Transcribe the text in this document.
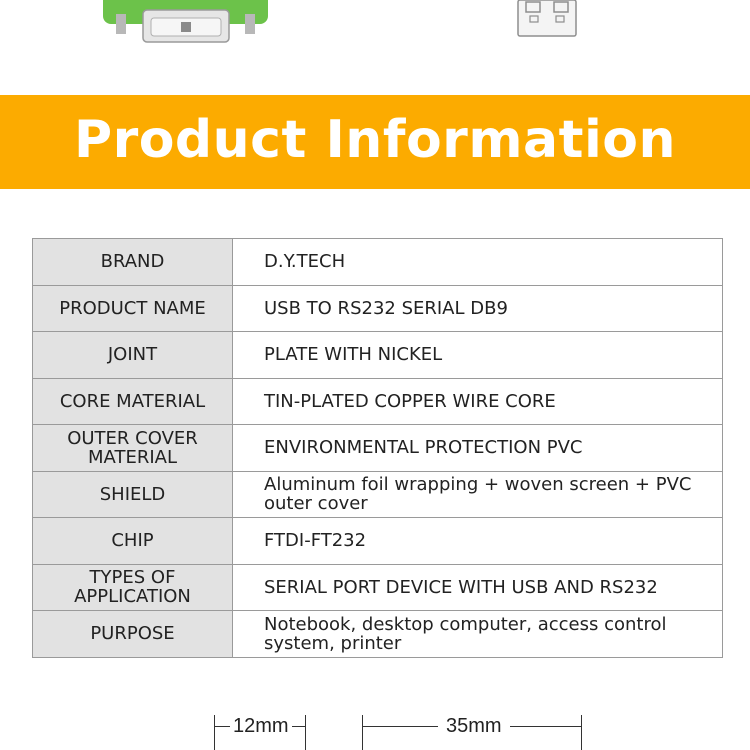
Product Information
BRAND	D.Y.TECH
PRODUCT NAME	USB TO RS232 SERIAL DB9
JOINT	PLATE WITH NICKEL
CORE MATERIAL	TIN-PLATED COPPER WIRE CORE
OUTER COVER MATERIAL	ENVIRONMENTAL PROTECTION PVC
SHIELD	Aluminum foil wrapping + woven screen + PVC outer cover
CHIP	FTDI-FT232
TYPES OF APPLICATION	SERIAL PORT DEVICE WITH USB AND RS232
PURPOSE	Notebook, desktop computer, access control system, printer
12mm	35mm
